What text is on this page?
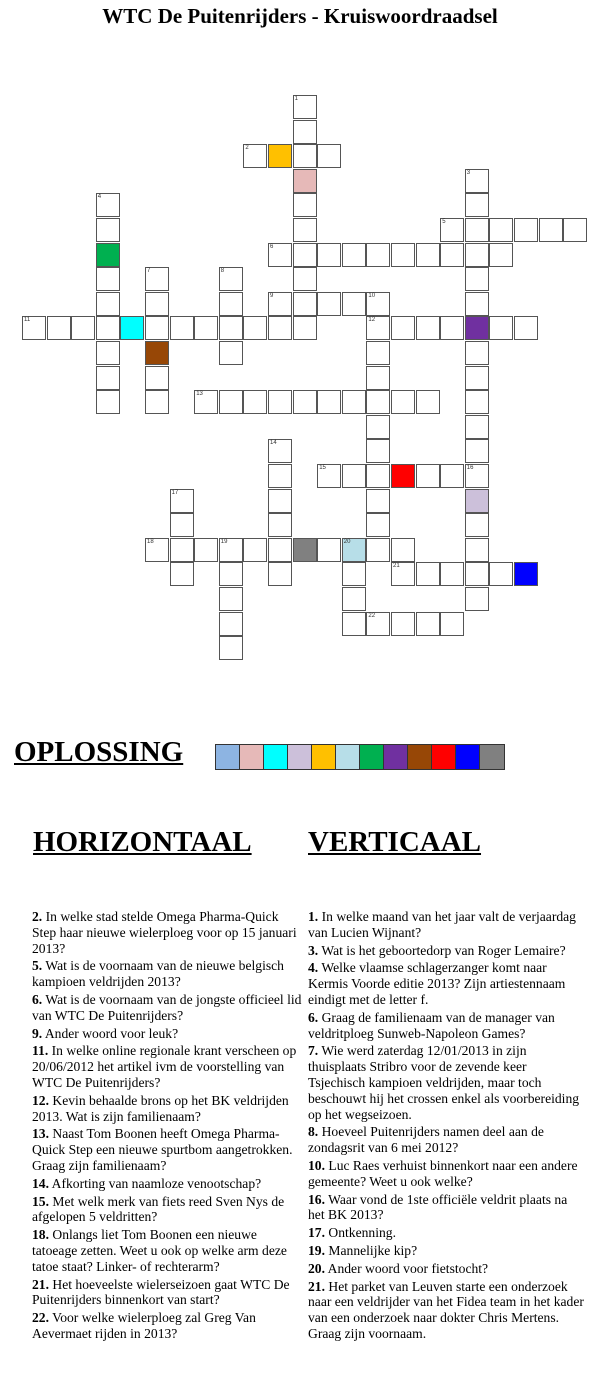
WTC De Puitenrijders - Kruiswoordraadsel
1
2
3
16
4
5
6
7	8
9	10
12
11
13
14
15
17
18	19	20
21
22
OPLOSSING
HORIZONTAAL VERTICAAL
2. In welke stad stelde Omega Pharma-Quick Step haar nieuwe wielerploeg voor op 15 januari 2013?
5. Wat is de voornaam van de nieuwe belgisch kampioen veldrijden 2013?
6. Wat is de voornaam van de jongste officieel lid van WTC De Puitenrijders?
9. Ander woord voor leuk?
11. In welke online regionale krant verscheen op 20/06/2012 het artikel ivm de voorstelling van WTC De Puitenrijders?
12. Kevin behaalde brons op het BK veldrijden 2013. Wat is zijn familienaam?
13. Naast Tom Boonen heeft Omega Pharma-Quick Step een nieuwe spurtbom aangetrokken. Graag zijn familienaam?
14. Afkorting van naamloze venootschap?
15. Met welk merk van fiets reed Sven Nys de afgelopen 5 veldritten?
18. Onlangs liet Tom Boonen een nieuwe tatoeage zetten. Weet u ook op welke arm deze tatoe staat? Linker- of rechterarm?
21. Het hoeveelste wielerseizoen gaat WTC De Puitenrijders binnenkort van start?
22. Voor welke wielerploeg zal Greg Van Aevermaet rijden in 2013?
1. In welke maand van het jaar valt de verjaardag van Lucien Wijnant?
3. Wat is het geboortedorp van Roger Lemaire?
4. Welke vlaamse schlagerzanger komt naar Kermis Voorde editie 2013? Zijn artiestennaam eindigt met de letter f.
6. Graag de familienaam van de manager van veldritploeg Sunweb-Napoleon Games?
7. Wie werd zaterdag 12/01/2013 in zijn thuisplaats Stribro voor de zevende keer Tsjechisch kampioen veldrijden, maar toch beschouwt hij het crossen enkel als voorbereiding op het wegseizoen.
8. Hoeveel Puitenrijders namen deel aan de zondagsrit van 6 mei 2012?
10. Luc Raes verhuist binnenkort naar een andere gemeente? Weet u ook welke?
16. Waar vond de 1ste officiële veldrit plaats na het BK 2013?
17. Ontkenning.
19. Mannelijke kip?
20. Ander woord voor fietstocht?
21. Het parket van Leuven starte een onderzoek naar een veldrijder van het Fidea team in het kader van een onderzoek naar dokter Chris Mertens. Graag zijn voornaam.
